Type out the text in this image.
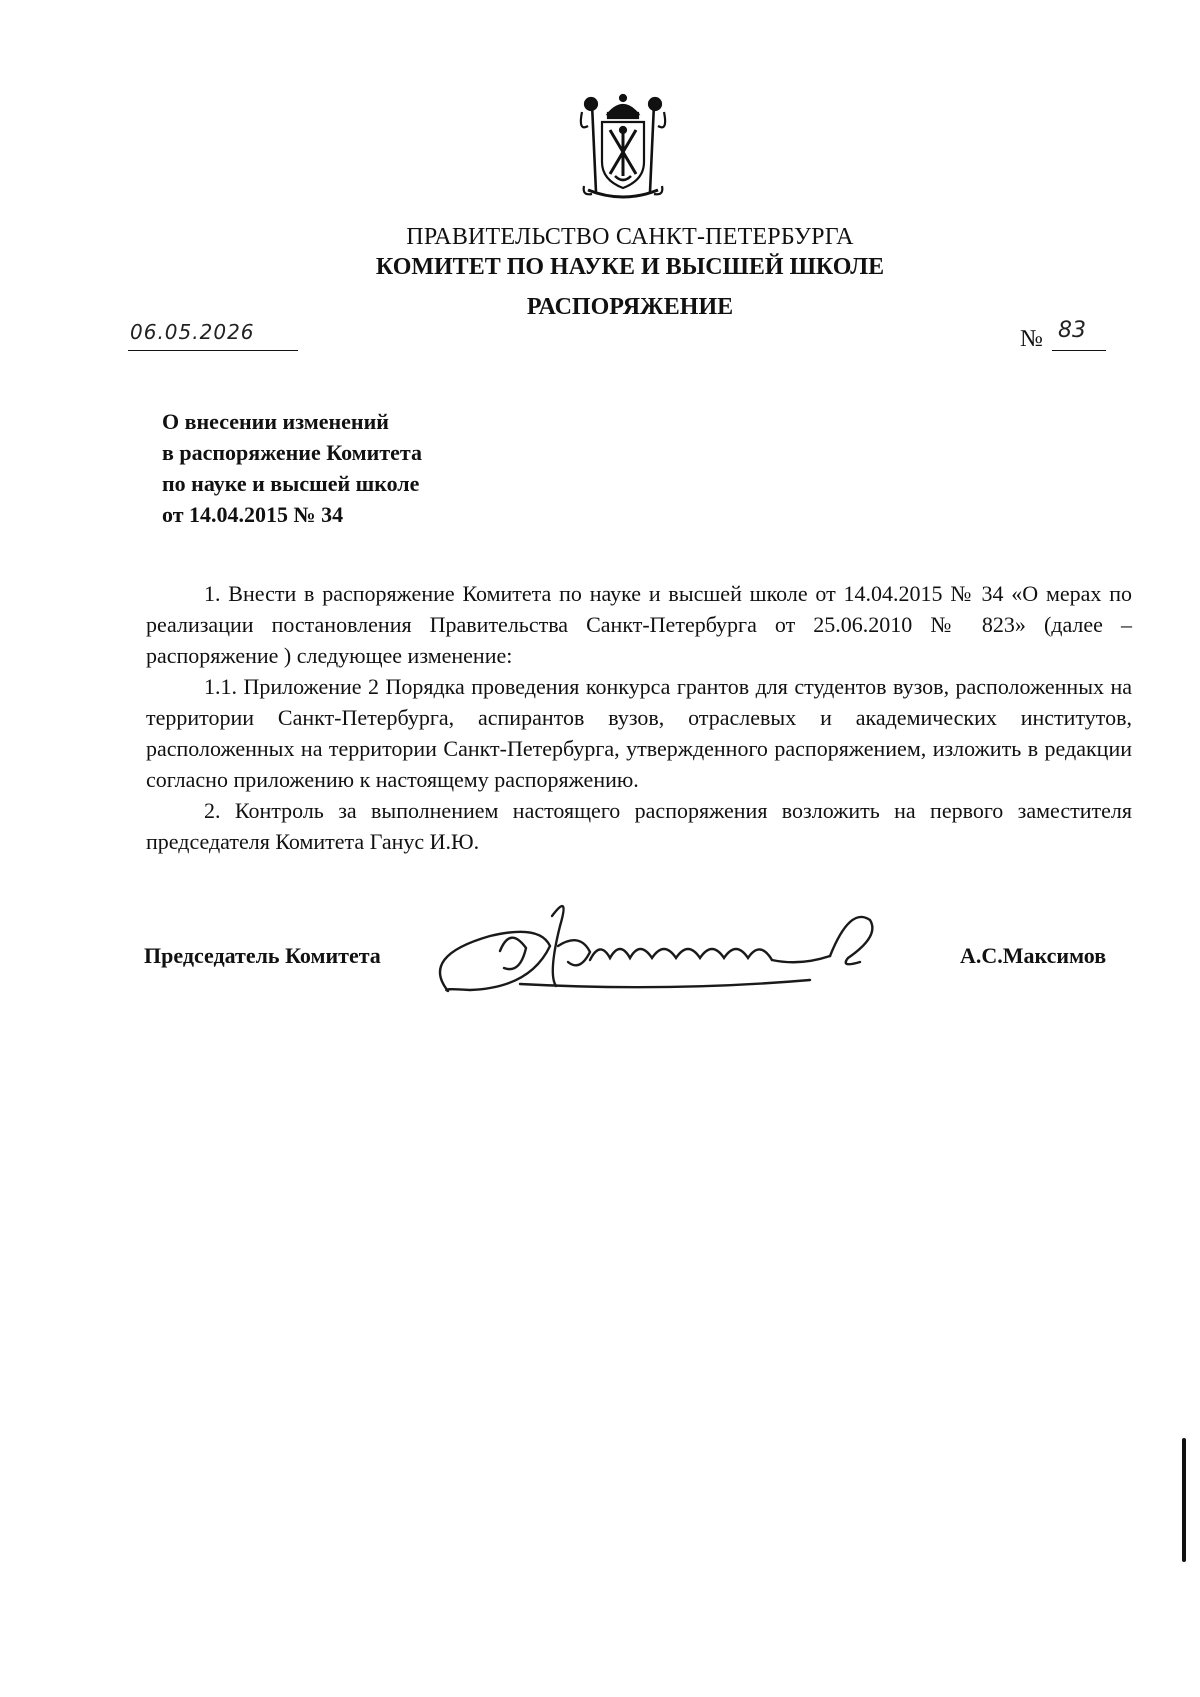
ПРАВИТЕЛЬСТВО САНКТ-ПЕТЕРБУРГА
КОМИТЕТ ПО НАУКЕ И ВЫСШЕЙ ШКОЛЕ
РАСПОРЯЖЕНИЕ
06.05.2026	№ 83
О внесении изменений
в распоряжение Комитета
по науке и высшей школе
от 14.04.2015 № 34

1. Внести в распоряжение Комитета по науке и высшей школе от 14.04.2015 № 34 «О мерах по реализации постановления Правительства Санкт-Петербурга от 25.06.2010 № 823» (далее – распоряжение ) следующее изменение:

1.1. Приложение 2 Порядка проведения конкурса грантов для студентов вузов, расположенных на территории Санкт-Петербурга, аспирантов вузов, отраслевых и академических институтов, расположенных на территории Санкт-Петербурга, утвержденного распоряжением, изложить в редакции согласно приложению к настоящему распоряжению.

2. Контроль за выполнением настоящего распоряжения возложить на первого заместителя председателя Комитета Ганус И.Ю.

Председатель Комитета	А.С.Максимов
